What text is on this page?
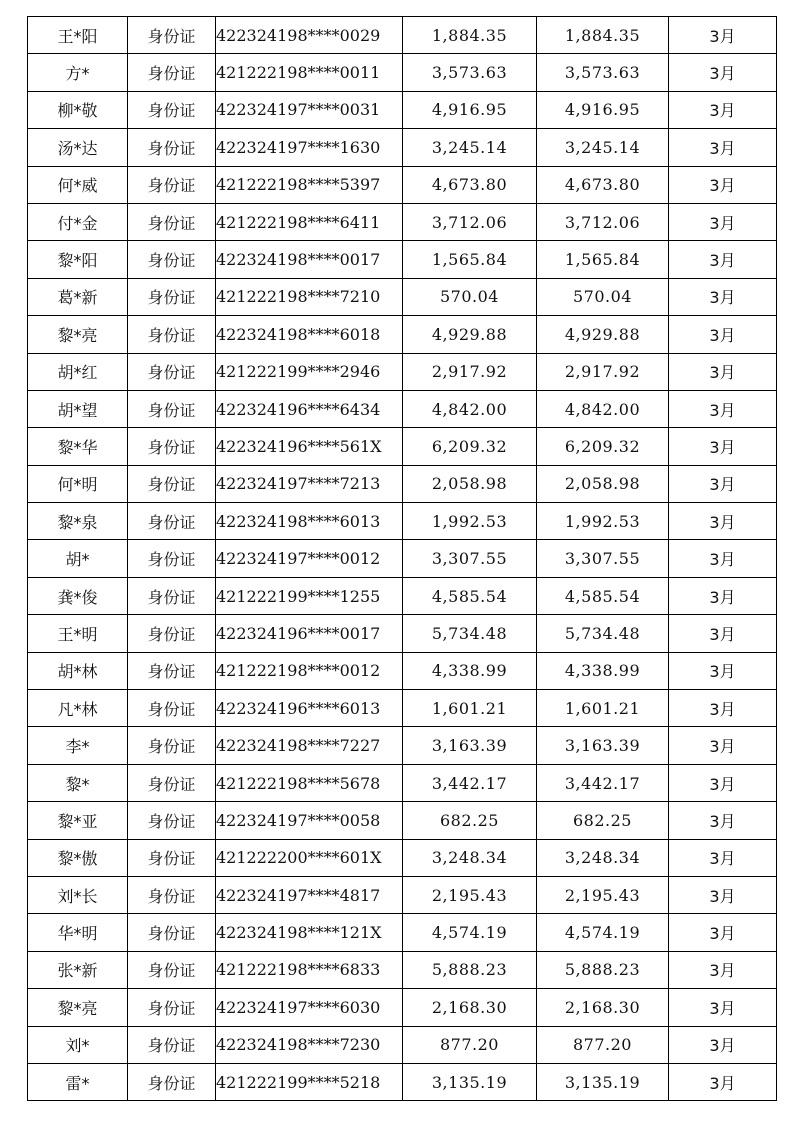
王*阳	身份证	422324198****0029	1,884.35	1,884.35	3月
方*	身份证	421222198****0011	3,573.63	3,573.63	3月
柳*敬	身份证	422324197****0031	4,916.95	4,916.95	3月
汤*达	身份证	422324197****1630	3,245.14	3,245.14	3月
何*威	身份证	421222198****5397	4,673.80	4,673.80	3月
付*金	身份证	421222198****6411	3,712.06	3,712.06	3月
黎*阳	身份证	422324198****0017	1,565.84	1,565.84	3月
葛*新	身份证	421222198****7210	570.04	570.04	3月
黎*亮	身份证	422324198****6018	4,929.88	4,929.88	3月
胡*红	身份证	421222199****2946	2,917.92	2,917.92	3月
胡*望	身份证	422324196****6434	4,842.00	4,842.00	3月
黎*华	身份证	422324196****561X	6,209.32	6,209.32	3月
何*明	身份证	422324197****7213	2,058.98	2,058.98	3月
黎*泉	身份证	422324198****6013	1,992.53	1,992.53	3月
胡*	身份证	422324197****0012	3,307.55	3,307.55	3月
龚*俊	身份证	421222199****1255	4,585.54	4,585.54	3月
王*明	身份证	422324196****0017	5,734.48	5,734.48	3月
胡*林	身份证	421222198****0012	4,338.99	4,338.99	3月
凡*林	身份证	422324196****6013	1,601.21	1,601.21	3月
李*	身份证	422324198****7227	3,163.39	3,163.39	3月
黎*	身份证	421222198****5678	3,442.17	3,442.17	3月
黎*亚	身份证	422324197****0058	682.25	682.25	3月
黎*傲	身份证	421222200****601X	3,248.34	3,248.34	3月
刘*长	身份证	422324197****4817	2,195.43	2,195.43	3月
华*明	身份证	422324198****121X	4,574.19	4,574.19	3月
张*新	身份证	421222198****6833	5,888.23	5,888.23	3月
黎*亮	身份证	422324197****6030	2,168.30	2,168.30	3月
刘*	身份证	422324198****7230	877.20	877.20	3月
雷*	身份证	421222199****5218	3,135.19	3,135.19	3月
